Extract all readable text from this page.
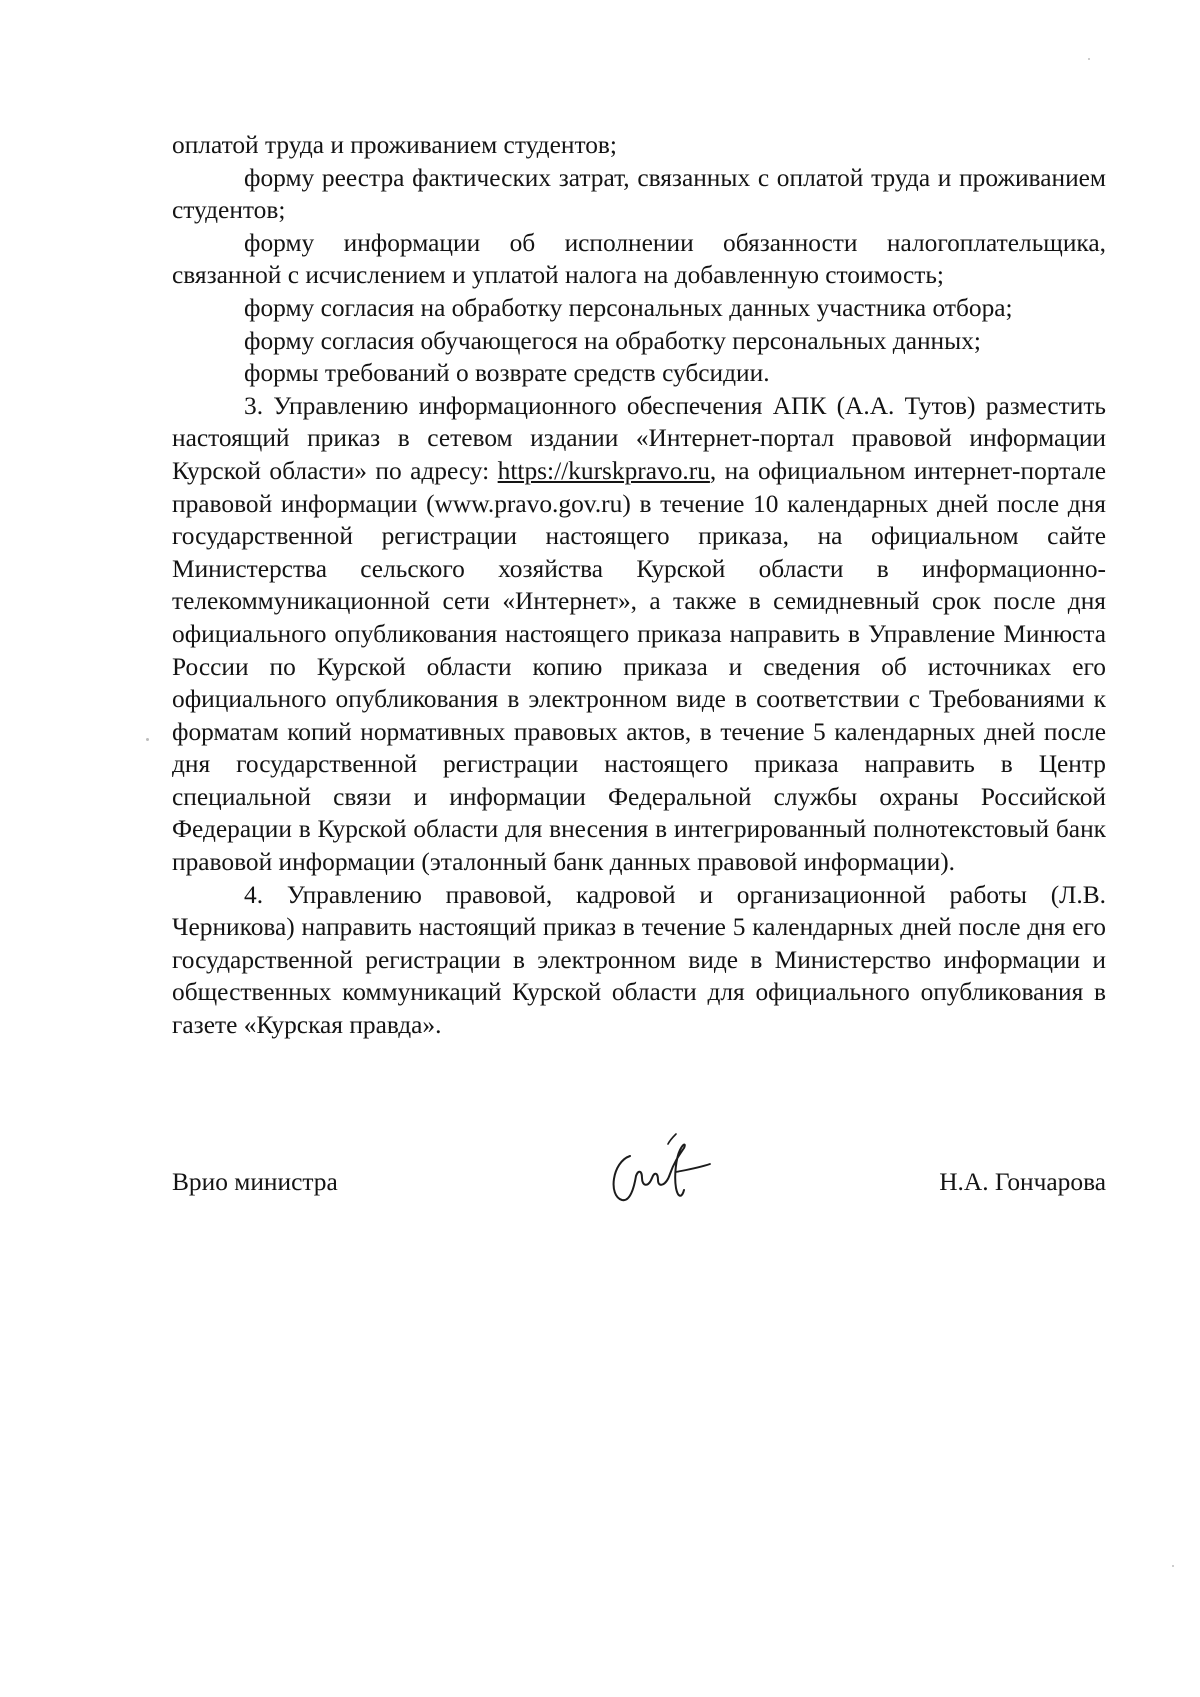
оплатой труда и проживанием студентов;

форму реестра фактических затрат, связанных с оплатой труда и проживанием студентов;

форму информации об исполнении обязанности налогоплательщика, связанной с исчислением и уплатой налога на добавленную стоимость;

форму согласия на обработку персональных данных участника отбора;

форму согласия обучающегося на обработку персональных данных;

формы требований о возврате средств субсидии.

3. Управлению информационного обеспечения АПК (А.А. Тутов) разместить настоящий приказ в сетевом издании «Интернет-портал правовой информации Курской области» по адресу: https://kurskpravo.ru, на официальном интернет-портале правовой информации (www.pravo.gov.ru) в течение 10 календарных дней после дня государственной регистрации настоящего приказа, на официальном сайте Министерства сельского хозяйства Курской области в информационно-телекоммуникационной сети «Интернет», а также в семидневный срок после дня официального опубликования настоящего приказа направить в Управление Минюста России по Курской области копию приказа и сведения об источниках его официального опубликования в электронном виде в соответствии с Требованиями к форматам копий нормативных правовых актов, в течение 5 календарных дней после дня государственной регистрации настоящего приказа направить в Центр специальной связи и информации Федеральной службы охраны Российской Федерации в Курской области для внесения в интегрированный полнотекстовый банк правовой информации (эталонный банк данных правовой информации).

4. Управлению правовой, кадровой и организационной работы (Л.В. Черникова) направить настоящий приказ в течение 5 календарных дней после дня его государственной регистрации в электронном виде в Министерство информации и общественных коммуникаций Курской области для официального опубликования в газете «Курская правда».

Врио министра	Н.А. Гончарова
